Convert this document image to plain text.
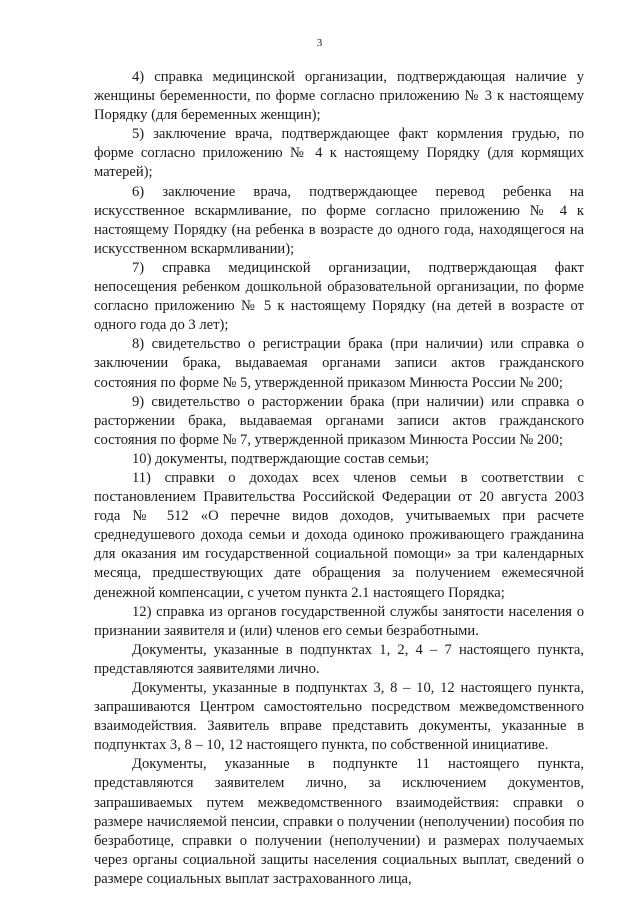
3

4) справка медицинской организации, подтверждающая наличие у женщины беременности, по форме согласно приложению № 3 к настоящему Порядку (для беременных женщин);

5) заключение врача, подтверждающее факт кормления грудью, по форме согласно приложению № 4 к настоящему Порядку (для кормящих матерей);

6) заключение врача, подтверждающее перевод ребенка на искусственное вскармливание, по форме согласно приложению № 4 к настоящему Порядку (на ребенка в возрасте до одного года, находящегося на искусственном вскармливании);

7) справка медицинской организации, подтверждающая факт непосещения ребенком дошкольной образовательной организации, по форме согласно приложению № 5 к настоящему Порядку (на детей в возрасте от одного года до 3 лет);

8) свидетельство о регистрации брака (при наличии) или справка о заключении брака, выдаваемая органами записи актов гражданского состояния по форме № 5, утвержденной приказом Минюста России № 200;

9) свидетельство о расторжении брака (при наличии) или справка о расторжении брака, выдаваемая органами записи актов гражданского состояния по форме № 7, утвержденной приказом Минюста России № 200;

10) документы, подтверждающие состав семьи;

11) справки о доходах всех членов семьи в соответствии с постановлением Правительства Российской Федерации от 20 августа 2003 года № 512 «О перечне видов доходов, учитываемых при расчете среднедушевого дохода семьи и дохода одиноко проживающего гражданина для оказания им государственной социальной помощи» за три календарных месяца, предшествующих дате обращения за получением ежемесячной денежной компенсации, с учетом пункта 2.1 настоящего Порядка;

12) справка из органов государственной службы занятости населения о признании заявителя и (или) членов его семьи безработными.

Документы, указанные в подпунктах 1, 2, 4 – 7 настоящего пункта, представляются заявителями лично.

Документы, указанные в подпунктах 3, 8 – 10, 12 настоящего пункта, запрашиваются Центром самостоятельно посредством межведомственного взаимодействия. Заявитель вправе представить документы, указанные в подпунктах 3, 8 – 10, 12 настоящего пункта, по собственной инициативе.

Документы, указанные в подпункте 11 настоящего пункта, представляются заявителем лично, за исключением документов, запрашиваемых путем межведомственного взаимодействия: справки о размере начисляемой пенсии, справки о получении (неполучении) пособия по безработице, справки о получении (неполучении) и размерах получаемых через органы социальной защиты населения социальных выплат, сведений о размере социальных выплат застрахованного лица,
